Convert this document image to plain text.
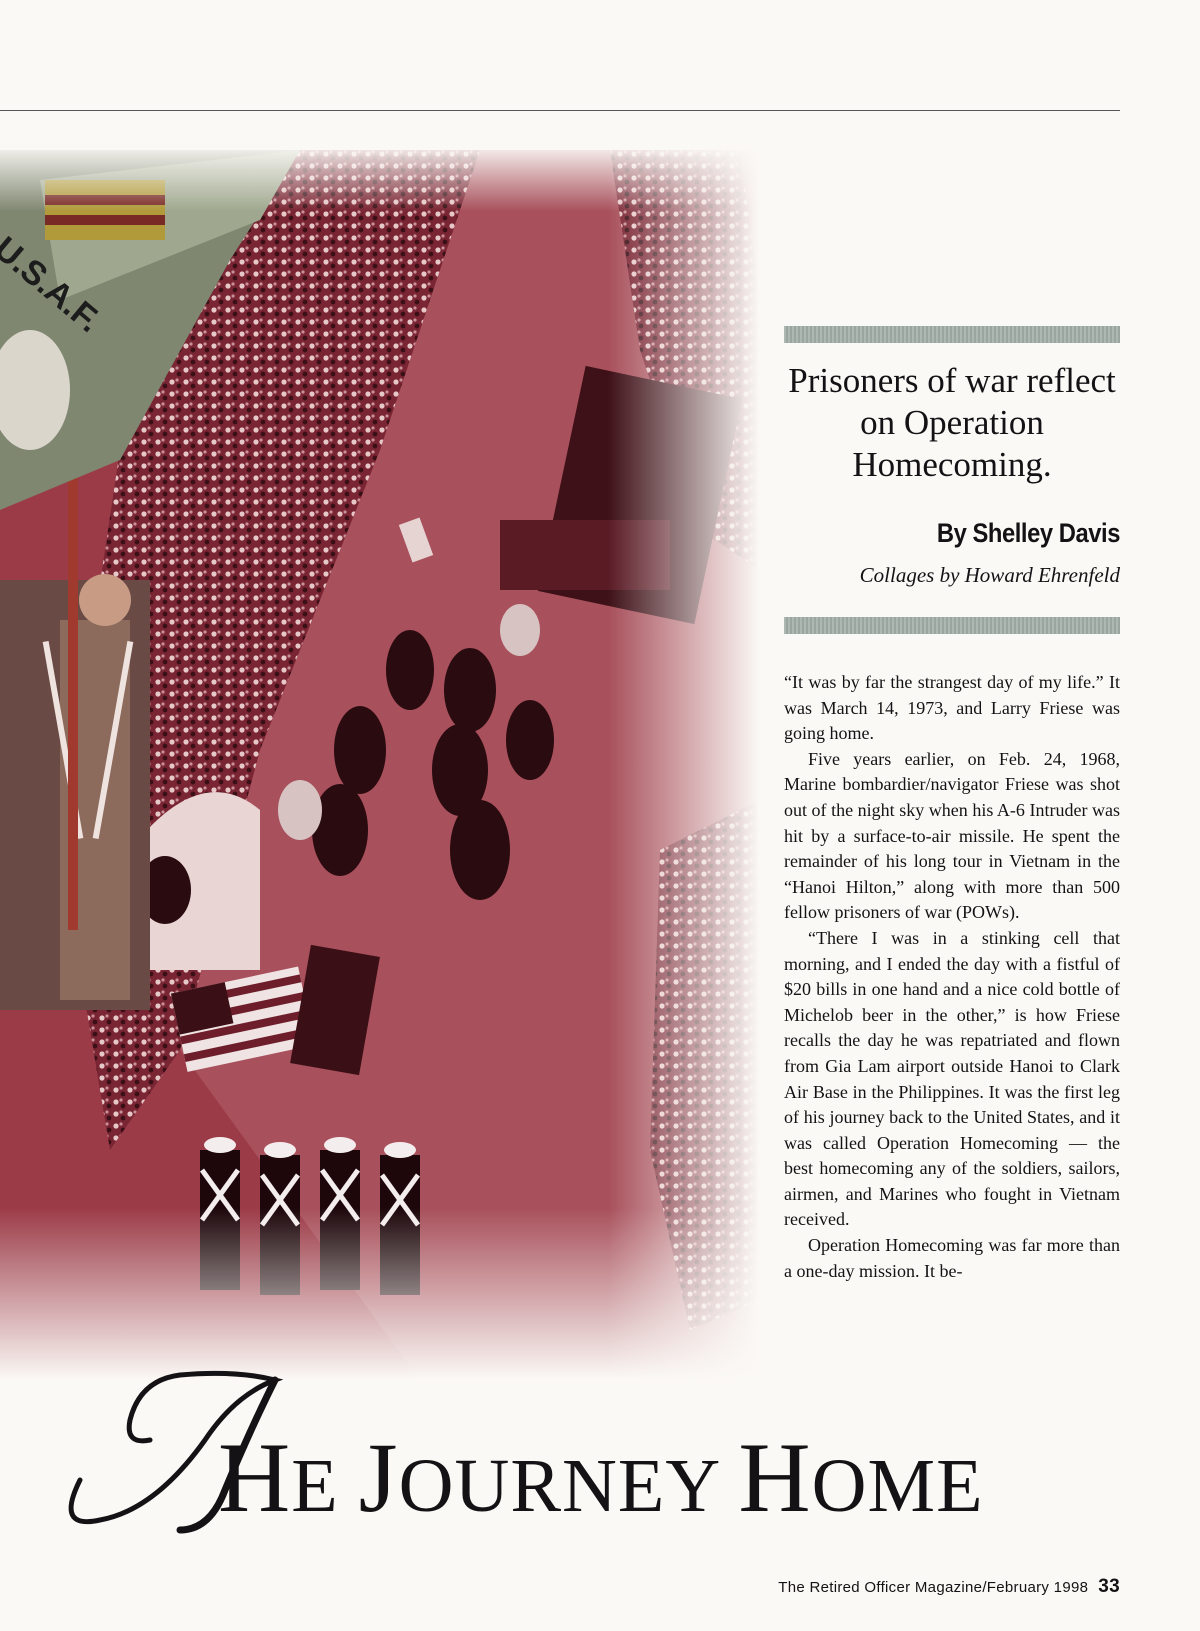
Prisoners of war reflect on Operation Homecoming.
By Shelley Davis
Collages by Howard Ehrenfeld

“It was by far the strangest day of my life.” It was March 14, 1973, and Larry Friese was going home.

Five years earlier, on Feb. 24, 1968, Marine bombardier/navigator Friese was shot out of the night sky when his A-6 Intruder was hit by a surface-to-air missile. He spent the remainder of his long tour in Vietnam in the “Hanoi Hilton,” along with more than 500 fellow prisoners of war (POWs).

“There I was in a stinking cell that morning, and I ended the day with a fistful of $20 bills in one hand and a nice cold bottle of Michelob beer in the other,” is how Friese recalls the day he was repatriated and flown from Gia Lam airport outside Hanoi to Clark Air Base in the Philippines. It was the first leg of his journey back to the United States, and it was called Operation Homecoming — the best homecoming any of the soldiers, sailors, airmen, and Marines who fought in Vietnam received.

Operation Homecoming was far more than a one-day mission. It be-

T
HE JOURNEY HOME
The Retired Officer Magazine/February 1998 33
